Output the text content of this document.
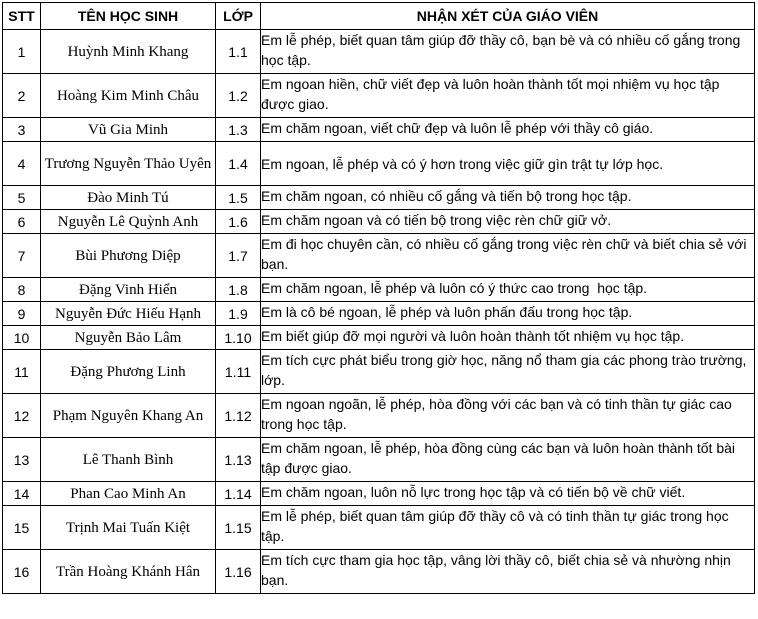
STT	TÊN HỌC SINH	LỚP	NHẬN XÉT CỦA GIÁO VIÊN
1	Huỳnh Minh Khang	1.1	Em lễ phép, biết quan tâm giúp đỡ thầy cô, bạn bè và có nhiều cố gắng trong học tập.
2	Hoàng Kim Minh Châu	1.2	Em ngoan hiền, chữ viết đẹp và luôn hoàn thành tốt mọi nhiệm vụ học tập được giao.
3	Vũ Gia Minh	1.3	Em chăm ngoan, viết chữ đẹp và luôn lễ phép với thầy cô giáo.
4	Trương Nguyễn Thảo Uyên	1.4	Em ngoan, lễ phép và có ý hơn trong việc giữ gìn trật tự lớp học.
5	Đào Minh Tú	1.5	Em chăm ngoan, có nhiều cố gắng và tiến bộ trong học tập.
6	Nguyễn Lê Quỳnh Anh	1.6	Em chăm ngoan và có tiến bộ trong việc rèn chữ giữ vở.
7	Bùi Phương Diệp	1.7	Em đi học chuyên cần, có nhiều cố gắng trong việc rèn chữ và biết chia sẻ với bạn.
8	Đặng Vinh Hiển	1.8	Em chăm ngoan, lễ phép và luôn có ý thức cao trong  học tập.
9	Nguyễn Đức Hiếu Hạnh	1.9	Em là cô bé ngoan, lễ phép và luôn phấn đấu trong học tập.
10	Nguyễn Bảo Lâm	1.10	Em biết giúp đỡ mọi người và luôn hoàn thành tốt nhiệm vụ học tập.
11	Đặng Phương Linh	1.11	Em tích cực phát biểu trong giờ học, năng nổ tham gia các phong trào trường, lớp.
12	Phạm Nguyên Khang An	1.12	Em ngoan ngoãn, lễ phép, hòa đồng với các bạn và có tinh thần tự giác cao trong học tập.
13	Lê Thanh Bình	1.13	Em chăm ngoan, lễ phép, hòa đồng cùng các bạn và luôn hoàn thành tốt bài tập được giao.
14	Phan Cao Minh An	1.14	Em chăm ngoan, luôn nỗ lực trong học tập và có tiến bộ về chữ viết.
15	Trịnh Mai Tuấn Kiệt	1.15	Em lễ phép, biết quan tâm giúp đỡ thầy cô và có tinh thần tự giác trong học tập.
16	Trần Hoàng Khánh Hân	1.16	Em tích cực tham gia học tập, vâng lời thầy cô, biết chia sẻ và nhường nhịn bạn.
